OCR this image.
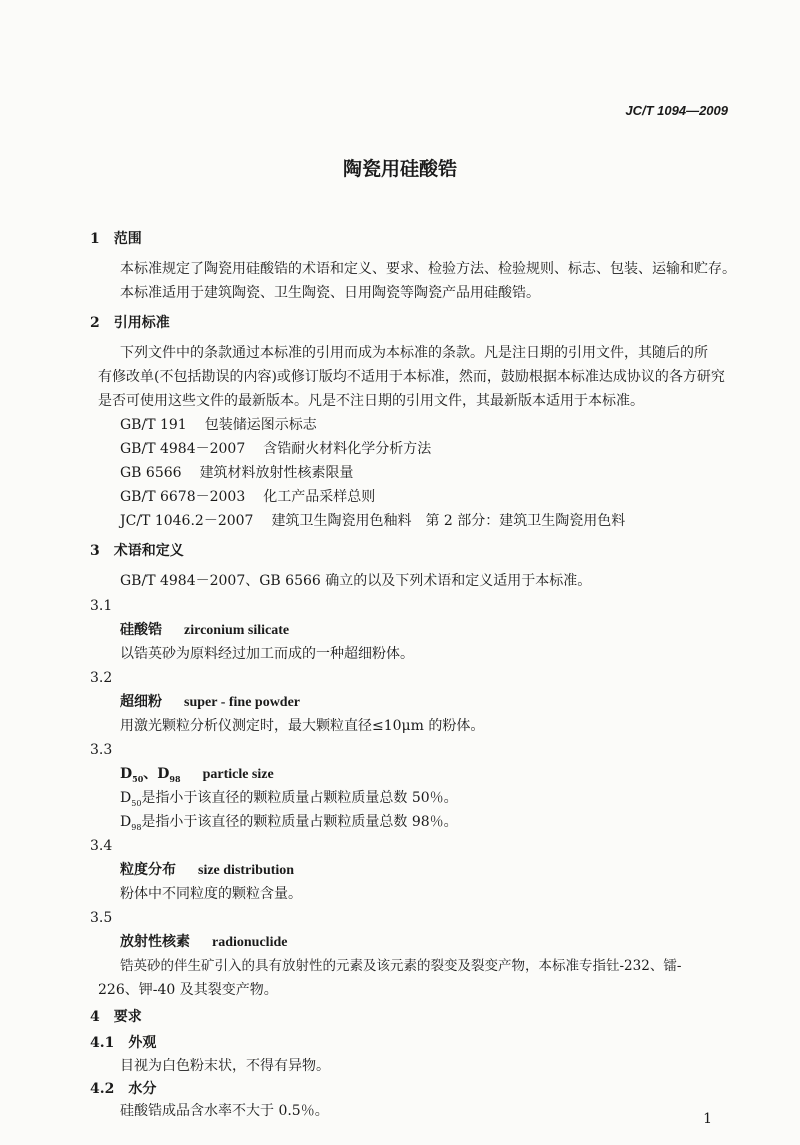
JC/T 1094—2009
陶瓷用硅酸锆
1　 范围
本标准规定了陶瓷用硅酸锆的术语和定义、要求、检验方法、检验规则、标志、包装、运输和贮存。
本标准适用于建筑陶瓷、卫生陶瓷、日用陶瓷等陶瓷产品用硅酸锆。
2　 引用标准
下列文件中的条款通过本标准的引用而成为本标准的条款。凡是注日期的引用文件，其随后的所
有修改单(不包括勘误的内容)或修订版均不适用于本标准，然而，鼓励根据本标准达成协议的各方研究
是否可使用这些文件的最新版本。凡是不注日期的引用文件，其最新版本适用于本标准。
GB/T 191 包装储运图示标志
GB/T 4984－2007 含锆耐火材料化学分析方法
GB 6566 建筑材料放射性核素限量
GB/T 6678－2003 化工产品采样总则
JC/T 1046.2－2007 建筑卫生陶瓷用色釉料　第 2 部分：建筑卫生陶瓷用色料
3　 术语和定义
GB/T 4984－2007、GB 6566 确立的以及下列术语和定义适用于本标准。
3.1
硅酸锆 zirconium silicate
以锆英砂为原料经过加工而成的一种超细粉体。
3.2
超细粉 super - fine powder
用激光颗粒分析仪测定时，最大颗粒直径≤10μm 的粉体。
3.3
$D_{50}$、$D_{98}$ particle size
$D_{50}$是指小于该直径的颗粒质量占颗粒质量总数 50％。
$D_{98}$是指小于该直径的颗粒质量占颗粒质量总数 98％。
3.4
粒度分布 size distribution
粉体中不同粒度的颗粒含量。
3.5
放射性核素 radionuclide
锆英砂的伴生矿引入的具有放射性的元素及该元素的裂变及裂变产物，本标准专指钍-232、镭-
226、钾-40 及其裂变产物。
4　 要求
4.1　 外观
目视为白色粉末状，不得有异物。
4.2　 水分
硅酸锆成品含水率不大于 0.5％。	1
